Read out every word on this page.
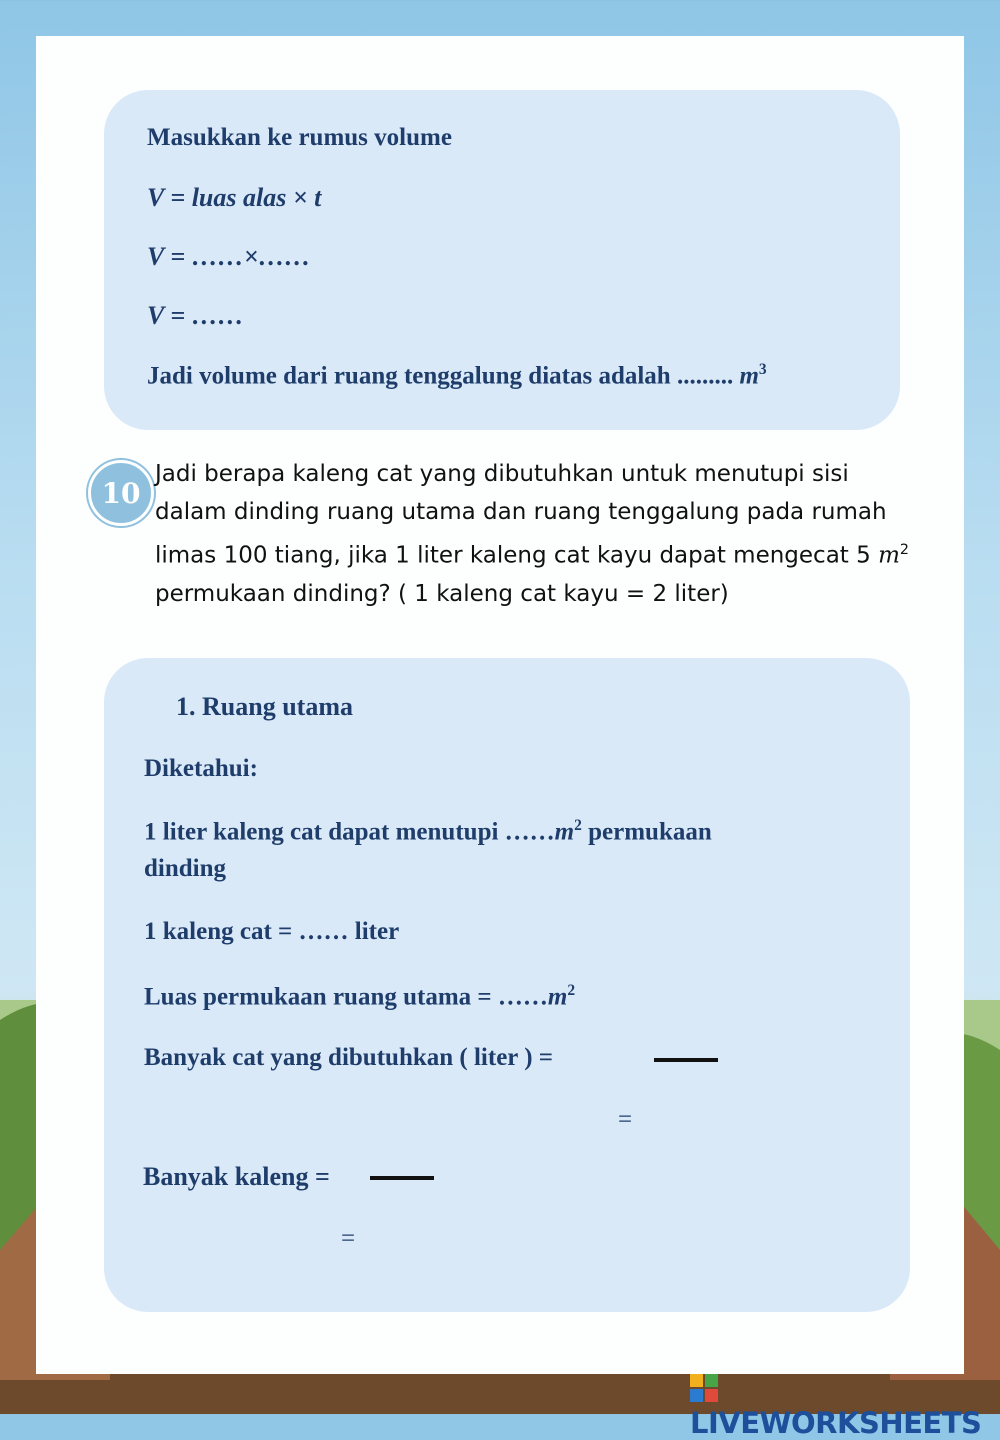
Masukkan ke rumus volume
V = luas alas × t
V = ……×……
V = ……
Jadi volume dari ruang tenggalung diatas adalah ......... $m^3$
10
Jadi berapa kaleng cat yang dibutuhkan untuk menutupi sisi dalam dinding ruang utama dan ruang tenggalung pada rumah limas 100 tiang, jika 1 liter kaleng cat kayu dapat mengecat 5 $m^2$ permukaan dinding? ( 1 kaleng cat kayu = 2 liter)
1. Ruang utama
Diketahui:
1 liter kaleng cat dapat menutupi $\dots\dots m^2$ permukaan
dinding
1 kaleng cat = …… liter
Luas permukaan ruang utama = $\dots\dots m^2$
Banyak cat yang dibutuhkan ( liter ) =
=
Banyak kaleng =
=
LIVEWORKSHEETS
